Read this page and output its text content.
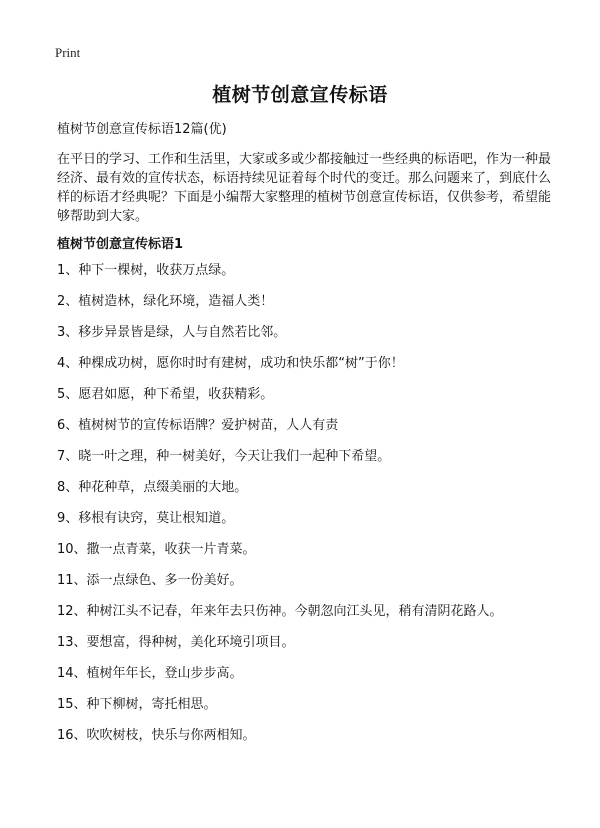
Print
植树节创意宣传标语

植树节创意宣传标语12篇(优)

在平日的学习、工作和生活里，大家或多或少都接触过一些经典的标语吧，作为一种最经济、最有效的宣传状态，标语持续见证着每个时代的变迁。那么问题来了，到底什么样的标语才经典呢？下面是小编帮大家整理的植树节创意宣传标语，仅供参考，希望能够帮助到大家。

植树节创意宣传标语1
1、种下一棵树，收获万点绿。
2、植树造林，绿化环境，造福人类！
3、移步异景皆是绿，人与自然若比邻。
4、种棵成功树，愿你时时有建树，成功和快乐都“树”于你！
5、愿君如愿，种下希望，收获精彩。
6、植树树节的宣传标语牌？爱护树苗，人人有责
7、晓一叶之理，种一树美好，今天让我们一起种下希望。
8、种花种草，点缀美丽的大地。
9、移根有诀窍，莫让根知道。
10、撒一点青菜，收获一片青菜。
11、添一点绿色、多一份美好。
12、种树江头不记春，年来年去只伤神。今朝忽向江头见，稍有清阴花路人。
13、要想富，得种树，美化环境引项目。
14、植树年年长，登山步步高。
15、种下柳树，寄托相思。
16、吹吹树枝，快乐与你两相知。
